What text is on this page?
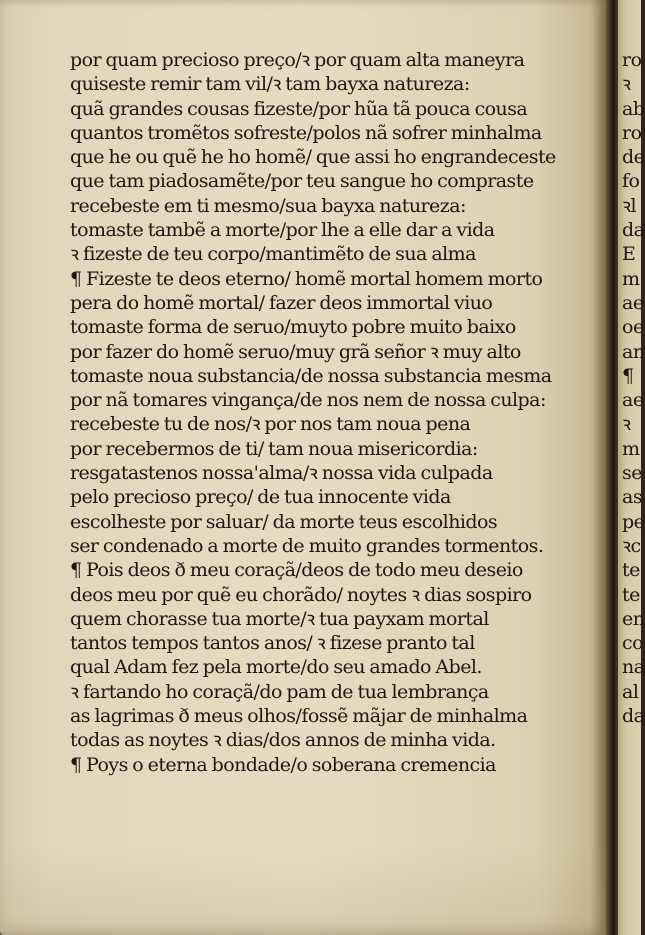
por quam precioso preço/ꝛ por quam alta maneyra
quiseste remir tam vil/ꝛ tam bayxa natureza:
quã grandes cousas fizeste/por hũa tã pouca cousa
quantos tromẽtos sofreste/polos nã sofrer minhalma
que he ou quẽ he ho homẽ/ que assi ho engrandeceste
que tam piadosamẽte/por teu sangue ho compraste
recebeste em ti mesmo/sua bayxa natureza:
tomaste tambẽ a morte/por lhe a elle dar a vida
ꝛ fizeste de teu corpo/mantimẽto de sua alma
¶ Fizeste te deos eterno/ homẽ mortal homem morto
pera do homẽ mortal/ fazer deos immortal viuo
tomaste forma de seruo/muyto pobre muito baixo
por fazer do homẽ seruo/muy grã señor ꝛ muy alto
tomaste noua substancia/de nossa substancia mesma
por nã tomares vingança/de nos nem de nossa culpa:
recebeste tu de nos/ꝛ por nos tam noua pena
por recebermos de ti/ tam noua misericordia:
resgatastenos nossa'alma/ꝛ nossa vida culpada
pelo precioso preço/ de tua innocente vida
escolheste por saluar/ da morte teus escolhidos
ser condenado a morte de muito grandes tormentos.
¶ Pois deos ð meu coraçã/deos de todo meu deseio
deos meu por quẽ eu chorãdo/ noytes ꝛ dias sospiro
quem chorasse tua morte/ꝛ tua payxam mortal
tantos tempos tantos anos/ ꝛ fizese pranto tal
qual Adam fez pela morte/do seu amado Abel.
ꝛ fartando ho coraçã/do pam de tua lembrança
as lagrimas ð meus olhos/fossẽ mãjar de minhalma
todas as noytes ꝛ dias/dos annos de minha vida.
¶ Poys o eterna bondade/o soberana cremencia
ro
ꝛ
ab
ro
de
fo
ꝛl
da
E
m
ae
oe
an
¶
ae
ꝛ
m
se
as
pe
ꝛc
te
te
en
co
na
al
da
